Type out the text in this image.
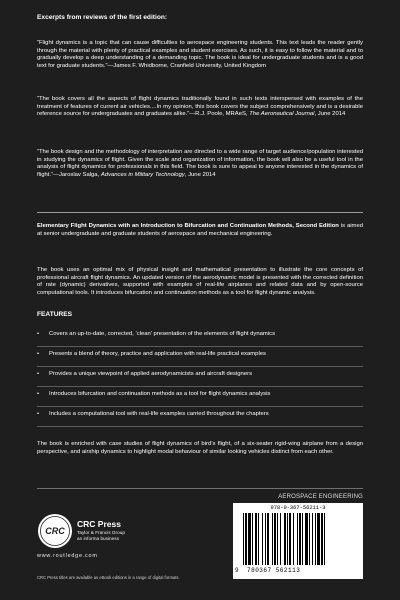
Excerpts from reviews of the first edition:

“Flight dynamics is a topic that can cause difficulties to aerospace engineering students. This text leads the reader gently through the material with plenty of practical examples and student exercises. As such, it is easy to follow the material and to gradually develop a deep understanding of a demanding topic. The book is ideal for undergraduate students and is a good text for graduate students.”—James F. Whidborne, Cranfield University, United Kingdom

“The book covers all the aspects of flight dynamics traditionally found in such texts interspersed with examples of the treatment of features of current air vehicles....In my opinion, this book covers the subject comprehensively and is a desirable reference source for undergraduates and graduates alike.”—R.J. Poole, MRAeS, The Aeronautical Journal, June 2014

“The book design and the methodology of interpretation are directed to a wide range of target audience/population interested in studying the dynamics of flight. Given the scale and organization of information, the book will also be a useful tool in the analysis of flight dynamics for professionals in this field. The book is sure to appeal to anyone interested in the dynamics of flight.”—Jaroslav Salga, Advances in Military Technology, June 2014

Elementary Flight Dynamics with an Introduction to Bifurcation and Continuation Methods, Second Edition is aimed at senior undergraduate and graduate students of aerospace and mechanical engineering.

The book uses an optimal mix of physical insight and mathematical presentation to illustrate the core concepts of professional aircraft flight dynamics. An updated version of the aerodynamic model is presented with the corrected definition of rate (dynamic) derivatives, supported with examples of real-life airplanes and related data and by open-source computational tools. It introduces bifurcation and continuation methods as a tool for flight dynamic analysis.

FEATURES
• Covers an up-to-date, corrected, ‘clean’ presentation of the elements of flight dynamics
• Presents a blend of theory, practice and application with real-life practical examples
• Provides a unique viewpoint of applied aerodynamicists and aircraft designers
• Introduces bifurcation and continuation methods as a tool for flight dynamics analysis
• Includes a computational tool with real-life examples carried throughout the chapters

The book is enriched with case studies of flight dynamics of bird’s flight, of a six-seater rigid-wing airplane from a design perspective, and airship dynamics to highlight modal behaviour of similar looking vehicles distinct from each other.

AEROSPACE ENGINEERING
CRC
CRC Press
Taylor & Francis Group
an informa business
www.routledge.com
CRC Press titles are available as eBook editions in a range of digital formats.
978-0-367-56211-3
9 780367 562113
